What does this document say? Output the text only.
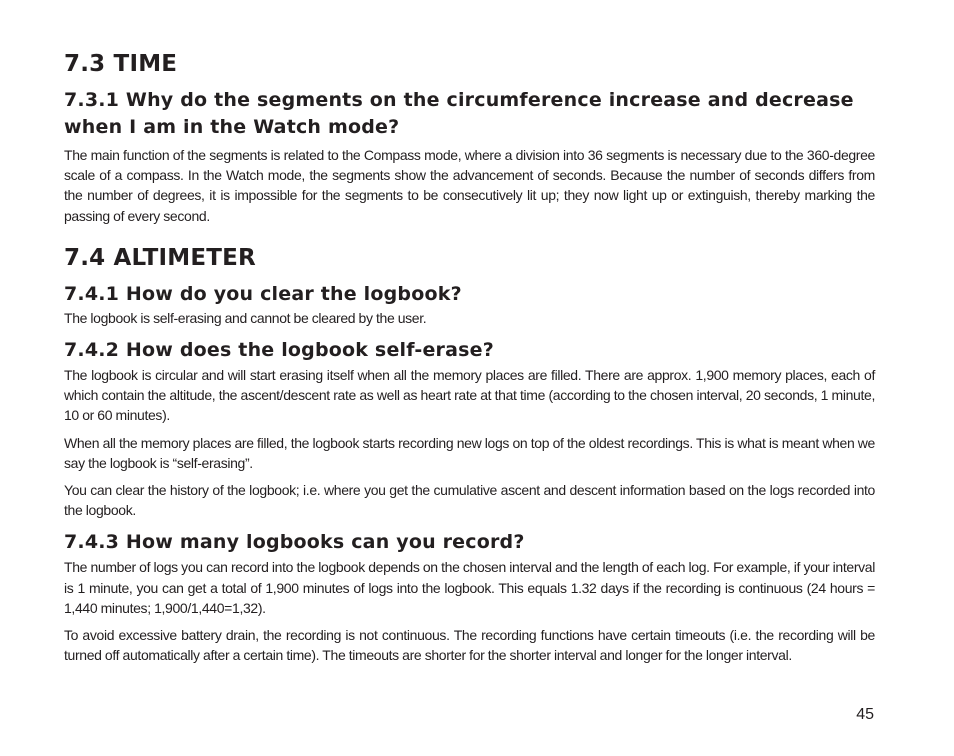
7.3 TIME
7.3.1 Why do the segments on the circumference increase and decrease when I am in the Watch mode?

The main function of the segments is related to the Compass mode, where a division into 36 segments is necessary due to the 360-degree scale of a compass. In the Watch mode, the segments show the advancement of seconds. Because the number of seconds differs from the number of degrees, it is impossible for the segments to be consecutively lit up; they now light up or extinguish, thereby marking the passing of every second.

7.4 ALTIMETER
7.4.1 How do you clear the logbook?

The logbook is self-erasing and cannot be cleared by the user.

7.4.2 How does the logbook self-erase?

The logbook is circular and will start erasing itself when all the memory places are filled. There are approx. 1,900 memory places, each of which contain the altitude, the ascent/descent rate as well as heart rate at that time (according to the chosen interval, 20 seconds, 1 minute, 10 or 60 minutes).

When all the memory places are filled, the logbook starts recording new logs on top of the oldest recordings. This is what is meant when we say the logbook is “self-erasing”.

You can clear the history of the logbook; i.e. where you get the cumulative ascent and descent information based on the logs recorded into the logbook.

7.4.3 How many logbooks can you record?

The number of logs you can record into the logbook depends on the chosen interval and the length of each log. For example, if your interval is 1 minute, you can get a total of 1,900 minutes of logs into the logbook. This equals 1.32 days if the recording is continuous (24 hours = 1,440 minutes; 1,900/1,440=1,32).

To avoid excessive battery drain, the recording is not continuous. The recording functions have certain timeouts (i.e. the recording will be turned off automatically after a certain time). The timeouts are shorter for the shorter interval and longer for the longer interval.

45
